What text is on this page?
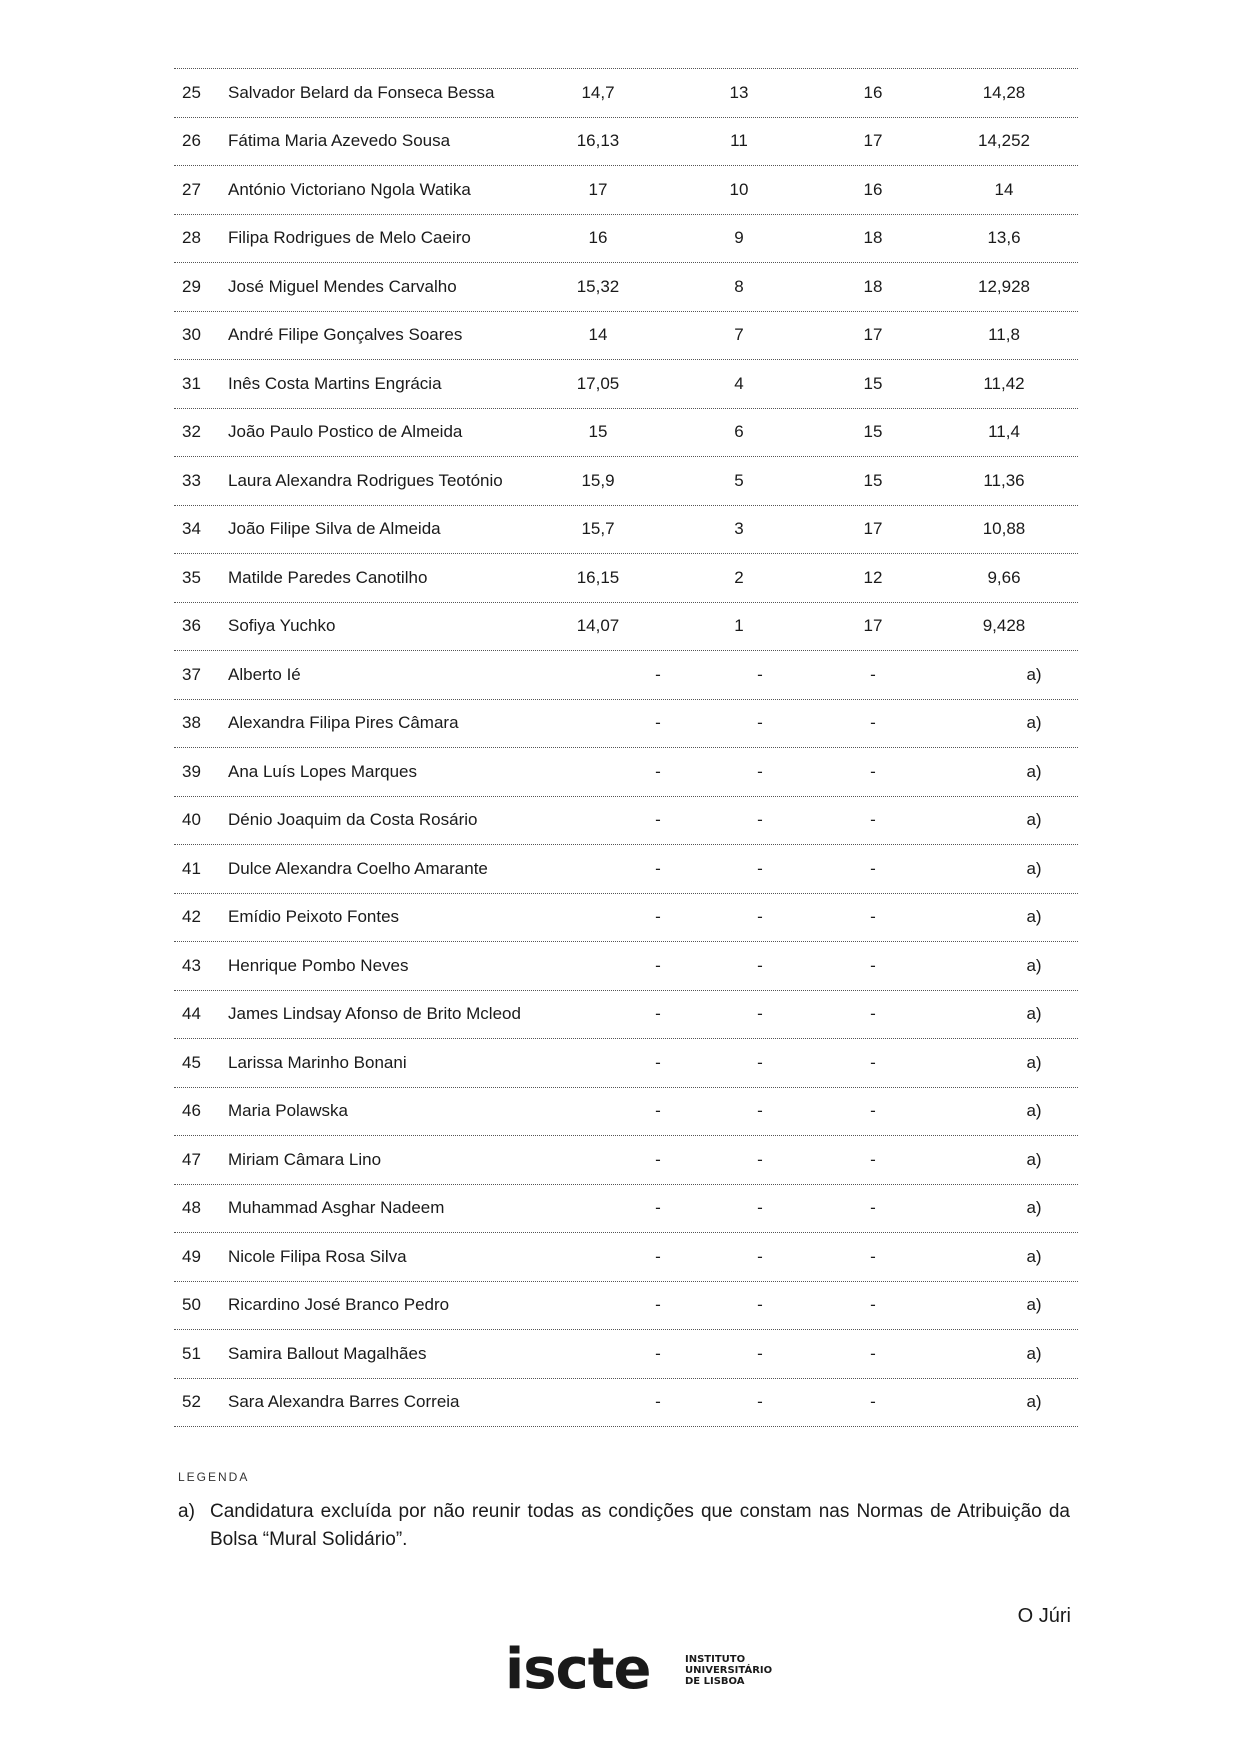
25 Salvador Belard da Fonseca Bessa	14,7	13	16	14,28
26 Fátima Maria Azevedo Sousa	16,13	11	17	14,252
27 António Victoriano Ngola Watika	17	10	16	14
28 Filipa Rodrigues de Melo Caeiro	16	9	18	13,6
29 José Miguel Mendes Carvalho	15,32	8	18	12,928
30 André Filipe Gonçalves Soares	14	7	17	11,8
31 Inês Costa Martins Engrácia	17,05	4	15	11,42
32 João Paulo Postico de Almeida	15	6	15	11,4
33 Laura Alexandra Rodrigues Teotónio	15,9	5	15	11,36
34 João Filipe Silva de Almeida	15,7	3	17	10,88
35 Matilde Paredes Canotilho	16,15	2	12	9,66
36 Sofiya Yuchko	14,07	1	17	9,428
37 Alberto Ié	-	-	-	a)
38 Alexandra Filipa Pires Câmara	-	-	-	a)
39 Ana Luís Lopes Marques	-	-	-	a)
40 Dénio Joaquim da Costa Rosário	-	-	-	a)
41 Dulce Alexandra Coelho Amarante	-	-	-	a)
42 Emídio Peixoto Fontes	-	-	-	a)
43 Henrique Pombo Neves	-	-	-	a)
44 James Lindsay Afonso de Brito Mcleod	-	-	-	a)
45 Larissa Marinho Bonani	-	-	-	a)
46 Maria Polawska	-	-	-	a)
47 Miriam Câmara Lino	-	-	-	a)
48 Muhammad Asghar Nadeem	-	-	-	a)
49 Nicole Filipa Rosa Silva	-	-	-	a)
50 Ricardino José Branco Pedro	-	-	-	a)
51 Samira Ballout Magalhães	-	-	-	a)
52 Sara Alexandra Barres Correia	-	-	-	a)
LEGENDA
a) Candidatura excluída por não reunir todas as condições que constam nas Normas de Atribuição da Bolsa “Mural Solidário”.
O Júri
iscte	INSTITUTO
UNIVERSITÁRIO
DE LISBOA
